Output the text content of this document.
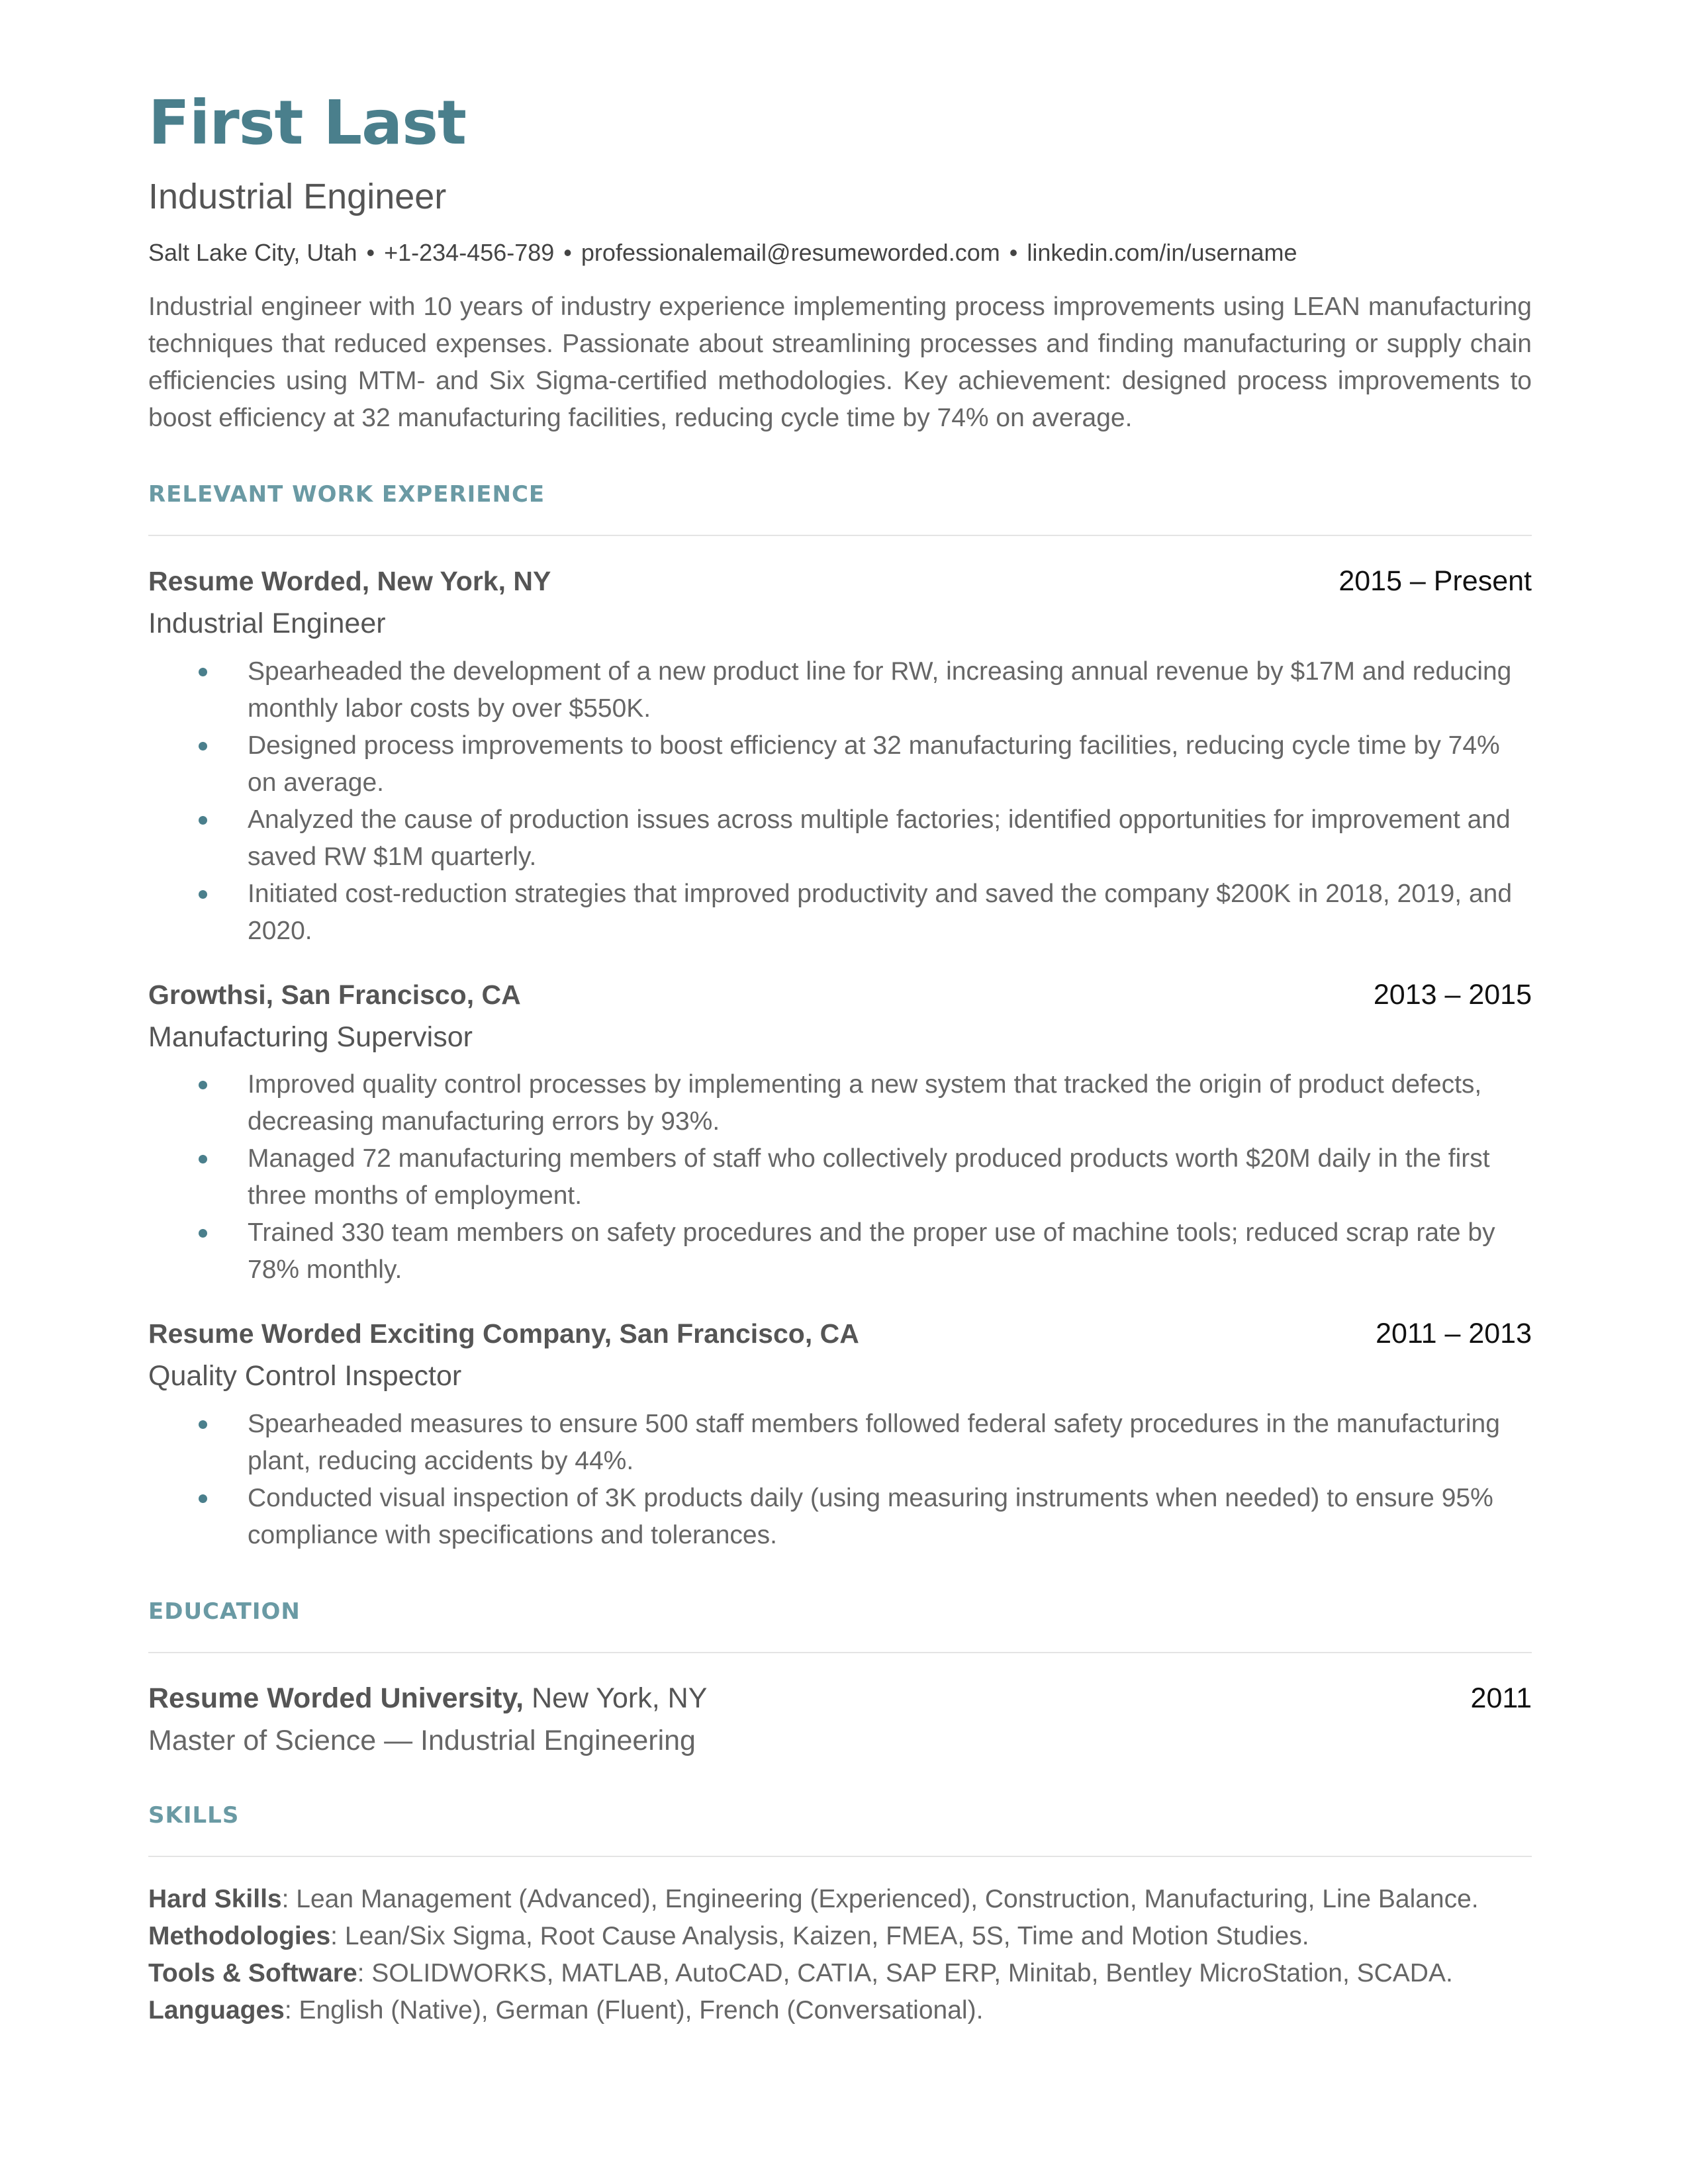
First Last
Industrial Engineer
Salt Lake City, Utah • +1-234-456-789 • professionalemail@resumeworded.com • linkedin.com/in/username

Industrial engineer with 10 years of industry experience implementing process improvements using LEAN manufacturing techniques that reduced expenses. Passionate about streamlining processes and finding manufacturing or supply chain efficiencies using MTM- and Six Sigma-certified methodologies. Key achievement: designed process improvements to boost efficiency at 32 manufacturing facilities, reducing cycle time by 74% on average.

RELEVANT WORK EXPERIENCE
Resume Worded, New York, NY	2015 – Present
Industrial Engineer
Spearheaded the development of a new product line for RW, increasing annual revenue by $17M and reducing monthly labor costs by over $550K.
Designed process improvements to boost efficiency at 32 manufacturing facilities, reducing cycle time by 74% on average.
Analyzed the cause of production issues across multiple factories; identified opportunities for improvement and saved RW $1M quarterly.
Initiated cost-reduction strategies that improved productivity and saved the company $200K in 2018, 2019, and 2020.
Growthsi, San Francisco, CA	2013 – 2015
Manufacturing Supervisor
Improved quality control processes by implementing a new system that tracked the origin of product defects, decreasing manufacturing errors by 93%.
Managed 72 manufacturing members of staff who collectively produced products worth $20M daily in the first three months of employment.
Trained 330 team members on safety procedures and the proper use of machine tools; reduced scrap rate by 78% monthly.
Resume Worded Exciting Company, San Francisco, CA	2011 – 2013
Quality Control Inspector
Spearheaded measures to ensure 500 staff members followed federal safety procedures in the manufacturing plant, reducing accidents by 44%.
Conducted visual inspection of 3K products daily (using measuring instruments when needed) to ensure 95% compliance with specifications and tolerances.
EDUCATION
Resume Worded University, New York, NY	2011
Master of Science — Industrial Engineering
SKILLS
Hard Skills: Lean Management (Advanced), Engineering (Experienced), Construction, Manufacturing, Line Balance.
Methodologies: Lean/Six Sigma, Root Cause Analysis, Kaizen, FMEA, 5S, Time and Motion Studies.
Tools & Software: SOLIDWORKS, MATLAB, AutoCAD, CATIA, SAP ERP, Minitab, Bentley MicroStation, SCADA.
Languages: English (Native), German (Fluent), French (Conversational).
